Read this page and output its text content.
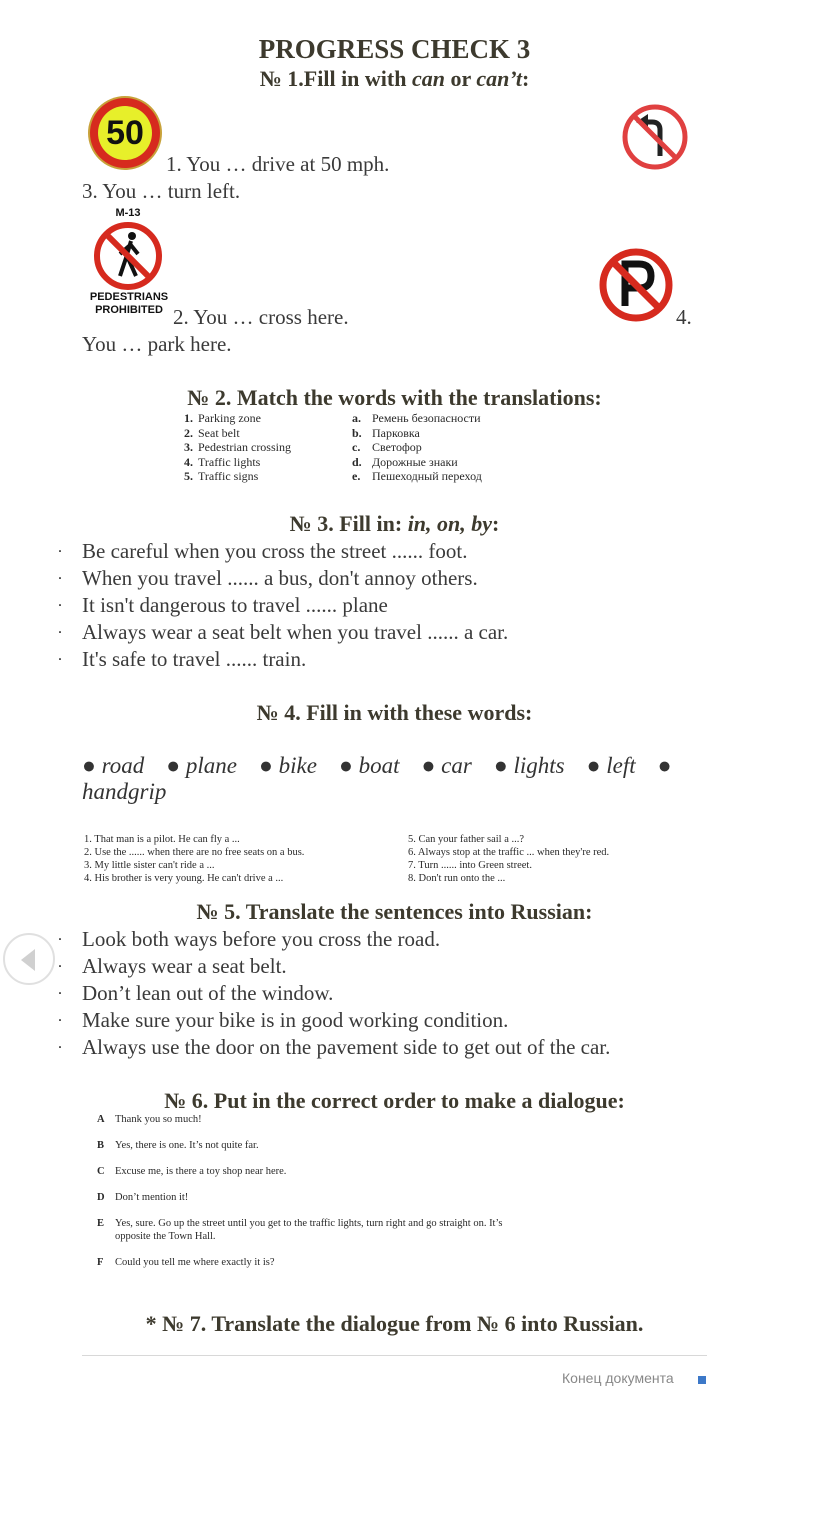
PROGRESS CHECK 3
№ 1.Fill in with can or can’t:
50
1. You … drive at 50 mph.
3. You … turn left.
M-13
PEDESTRIANS
PROHIBITED 2. You … cross here.	4.
You … park here.
№ 2. Match the words with the translations:
1. Parking zone
2. Seat belt
3. Pedestrian crossing
4. Traffic lights
5. Traffic signs
a. Ремень безопасности
b. Парковка
c. Светофор
d. Дорожные знаки
e. Пешеходный переход
№ 3. Fill in: in, on, by:
. Be careful when you cross the street ...... foot.
. When you travel ...... a bus, don't annoy others.
. It isn't dangerous to travel ...... plane
. Always wear a seat belt when you travel ...... a car.
. It's safe to travel ...... train.
№ 4. Fill in with these words:
● road ● plane ● bike ● boat ● car ● lights ● left ●
handgrip
1. That man is a pilot. He can fly a ...
2. Use the ...... when there are no free seats on a bus.
3. My little sister can't ride a ...
4. His brother is very young. He can't drive a ...
5. Can your father sail a ...?
6. Always stop at the traffic ... when they're red.
7. Turn ...... into Green street.
8. Don't run onto the ...
№ 5. Translate the sentences into Russian:
. Look both ways before you cross the road.
. Always wear a seat belt.
. Don’t lean out of the window.
. Make sure your bike is in good working condition.
. Always use the door on the pavement side to get out of the car.
№ 6. Put in the correct order to make a dialogue:
A Thank you so much!
B Yes, there is one. It’s not quite far.
C Excuse me, is there a toy shop near here.
D Don’t mention it!
E Yes, sure. Go up the street until you get to the traffic lights, turn right and go straight on. It’s
opposite the Town Hall.
F Could you tell me where exactly it is?
* № 7. Translate the dialogue from № 6 into Russian.
Конец документа
